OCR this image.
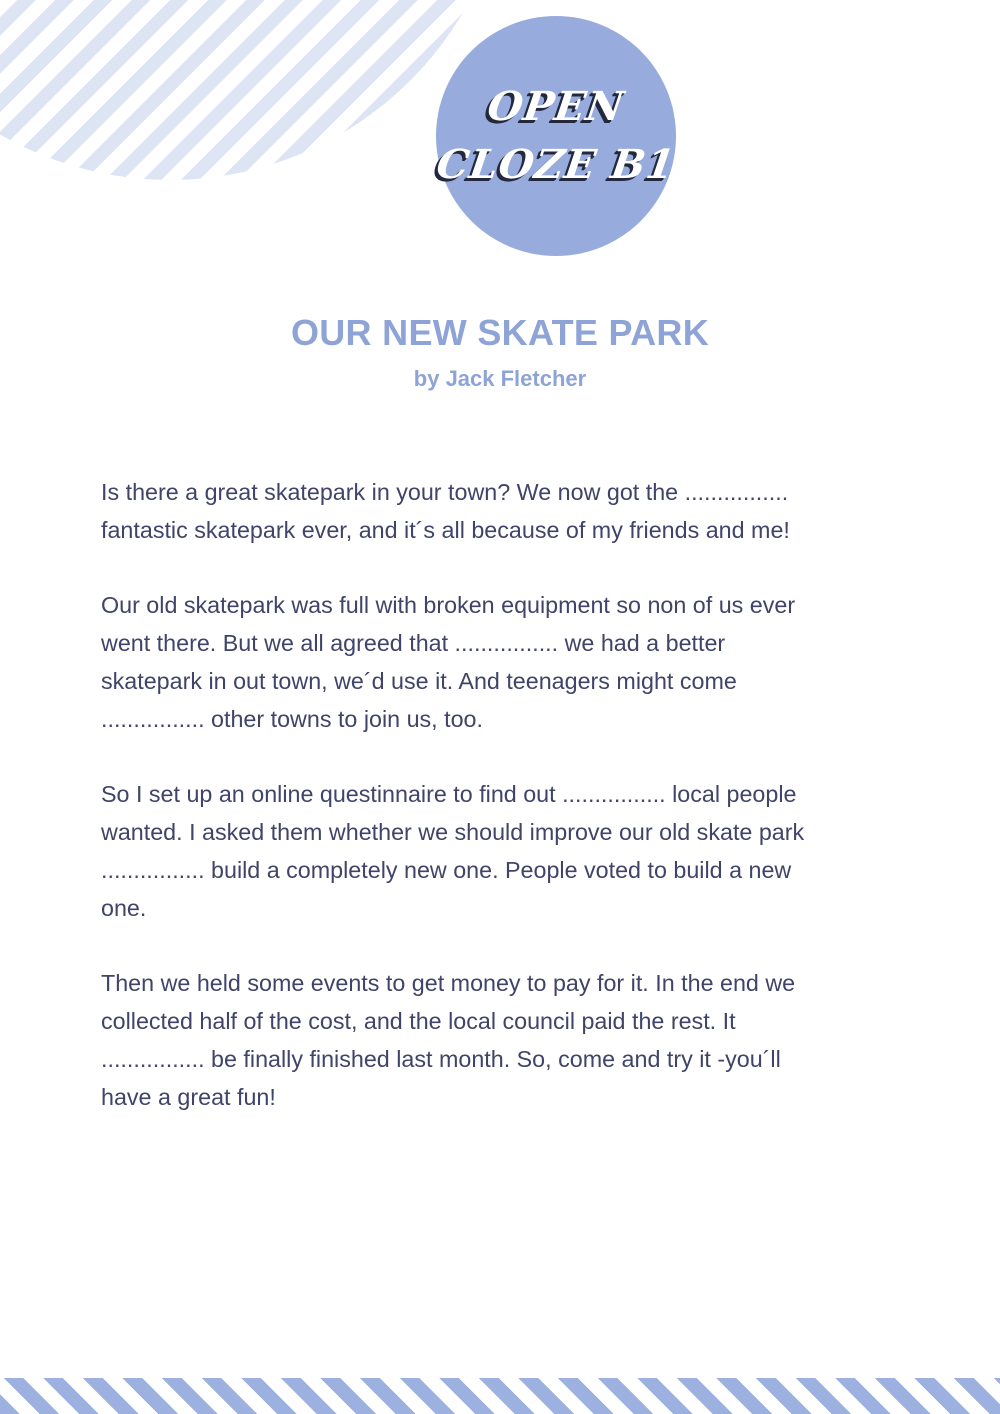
OPEN
CLOZE B1
OUR NEW SKATE PARK
by Jack Fletcher

Is there a great skatepark in your town? We now got the ................
fantastic skatepark ever, and it´s all because of my friends and me!

Our old skatepark was full with broken equipment so non of us ever
went there. But we all agreed that ................ we had a better
skatepark in out town, we´d use it. And teenagers might come
................ other towns to join us, too.

So I set up an online questinnaire to find out ................ local people
wanted. I asked them whether we should improve our old skate park
................ build a completely new one. People voted to build a new
one.

Then we held some events to get money to pay for it. In the end we
collected half of the cost, and the local council paid the rest. It
................ be finally finished last month. So, come and try it -you´ll
have a great fun!
